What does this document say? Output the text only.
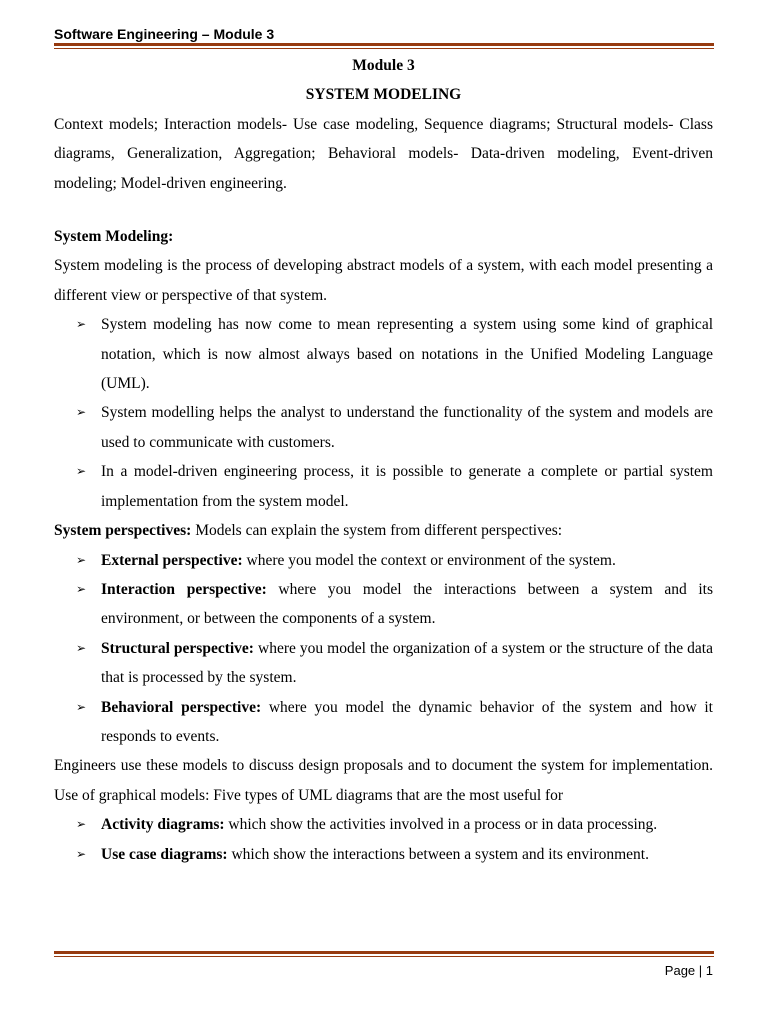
Software Engineering – Module 3
Module 3
SYSTEM MODELING

Context models; Interaction models- Use case modeling, Sequence diagrams; Structural models- Class diagrams, Generalization, Aggregation; Behavioral models- Data-driven modeling, Event-driven modeling; Model-driven engineering.

System Modeling:

System modeling is the process of developing abstract models of a system, with each model presenting a different view or perspective of that system.

➢ System modeling has now come to mean representing a system using some kind of graphical notation, which is now almost always based on notations in the Unified Modeling Language (UML).
➢ System modelling helps the analyst to understand the functionality of the system and models are used to communicate with customers.
➢ In a model-driven engineering process, it is possible to generate a complete or partial system implementation from the system model.

System perspectives: Models can explain the system from different perspectives:

➢ External perspective: where you model the context or environment of the system.
➢ Interaction perspective: where you model the interactions between a system and its environment, or between the components of a system.
➢ Structural perspective: where you model the organization of a system or the structure of the data that is processed by the system.
➢ Behavioral perspective: where you model the dynamic behavior of the system and how it responds to events.

Engineers use these models to discuss design proposals and to document the system for implementation. Use of graphical models: Five types of UML diagrams that are the most useful for

➢ Activity diagrams: which show the activities involved in a process or in data processing.
➢ Use case diagrams: which show the interactions between a system and its environment.
Page | 1
